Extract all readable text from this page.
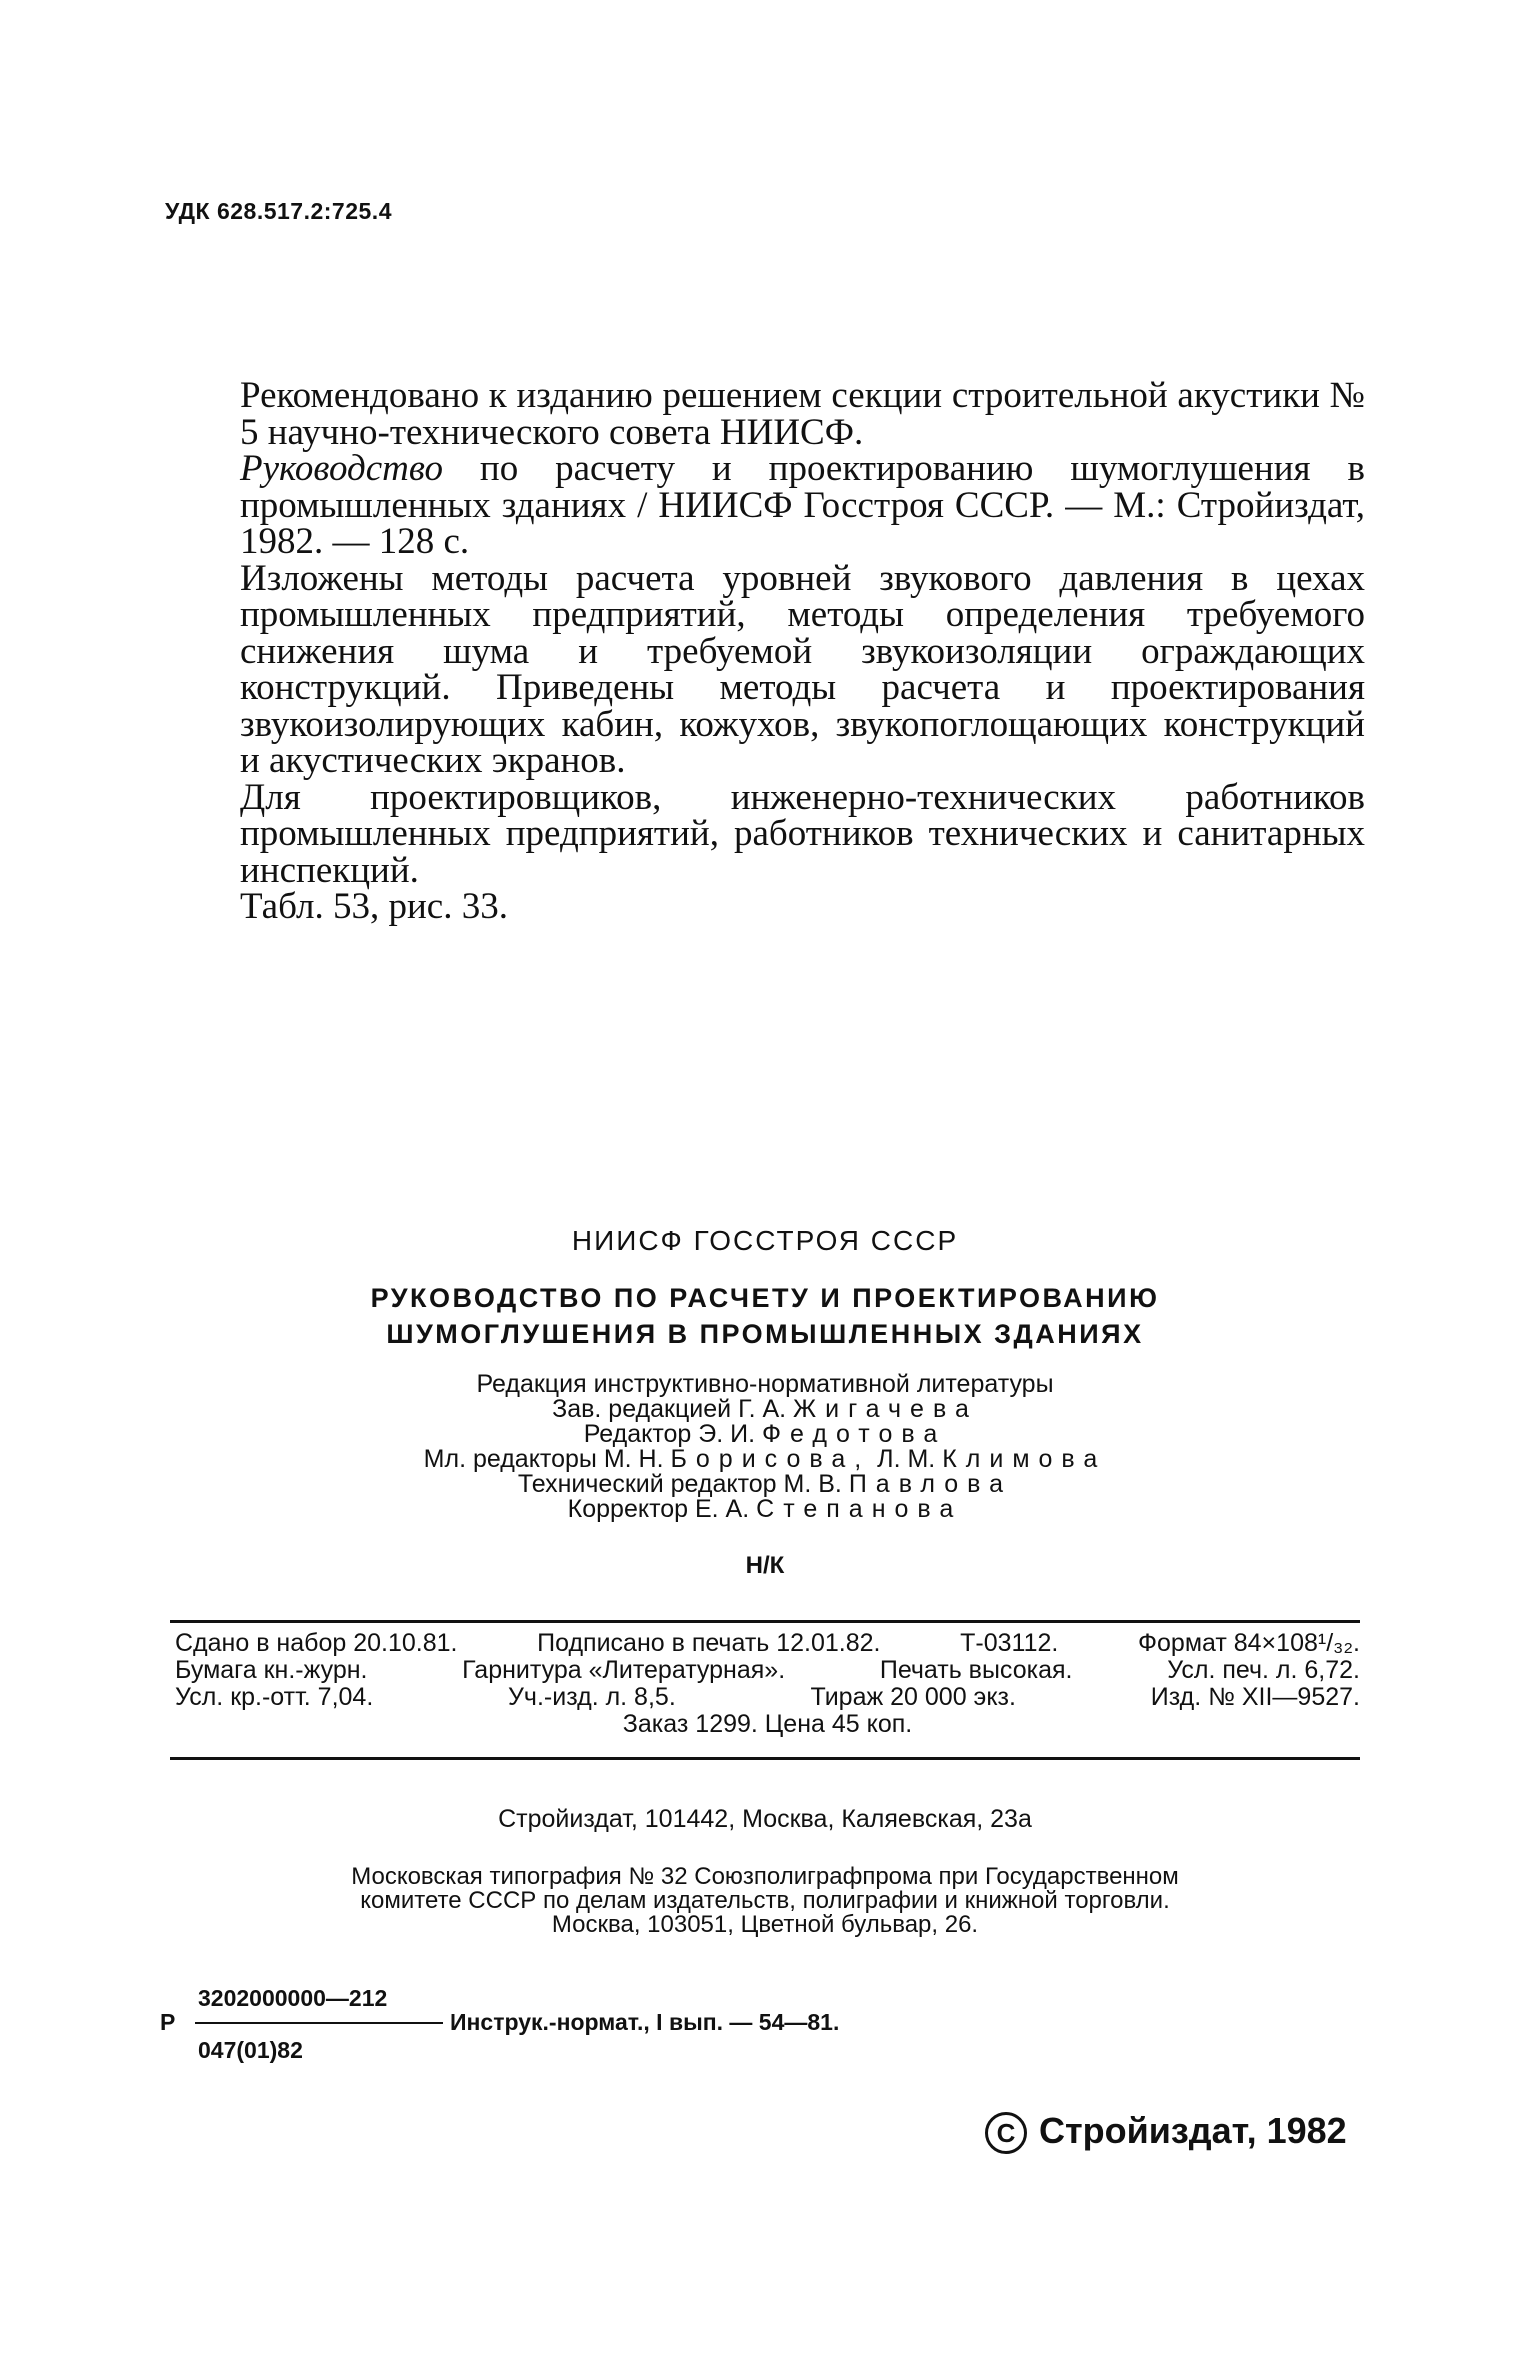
УДК 628.517.2:725.4

Рекомендовано к изданию решением секции строительной акустики № 5 научно-технического совета НИИСФ.

Руководство по расчету и проектированию шумоглушения в промышленных зданиях / НИИСФ Госстроя СССР. — М.: Стройиздат, 1982. — 128 с.

Изложены методы расчета уровней звукового давления в цехах промышленных предприятий, методы определения требуемого снижения шума и требуемой звукоизоляции ограждающих конструкций. Приведены методы расчета и проектирования звукоизолирующих кабин, кожухов, звукопоглощающих конструкций и акустических экранов.

Для проектировщиков, инженерно-технических работников промышленных предприятий, работников технических и санитарных инспекций.

Табл. 53, рис. 33.

НИИСФ ГОССТРОЯ СССР
РУКОВОДСТВО ПО РАСЧЕТУ И ПРОЕКТИРОВАНИЮ
ШУМОГЛУШЕНИЯ В ПРОМЫШЛЕННЫХ ЗДАНИЯХ
Редакция инструктивно-нормативной литературы
Зав. редакцией Г. А. Жигачева
Редактор Э. И. Федотова
Мл. редакторы М. Н. Борисова, Л. М. Климова
Технический редактор М. В. Павлова
Корректор Е. А. Степанова
Н/К
Сдано в набор 20.10.81.	Подписано в печать 12.01.82.	Т-03112.	Формат 84×108¹/₃₂.
Бумага кн.-журн.	Гарнитура «Литературная».	Печать высокая.	Усл. печ. л. 6,72.
Усл. кр.-отт. 7,04.	Уч.-изд. л. 8,5.	Тираж 20 000 экз.	Изд. № XII—9527.
Заказ 1299. Цена 45 коп.
Стройиздат, 101442, Москва, Каляевская, 23а
Московская типография № 32 Союзполиграфпрома при Государственном
комитете СССР по делам издательств, полиграфии и книжной торговли.
Москва, 103051, Цветной бульвар, 26.
3202000000—212
Р	Инструк.-нормат., I вып. — 54—81.
047(01)82
C Стройиздат, 1982
